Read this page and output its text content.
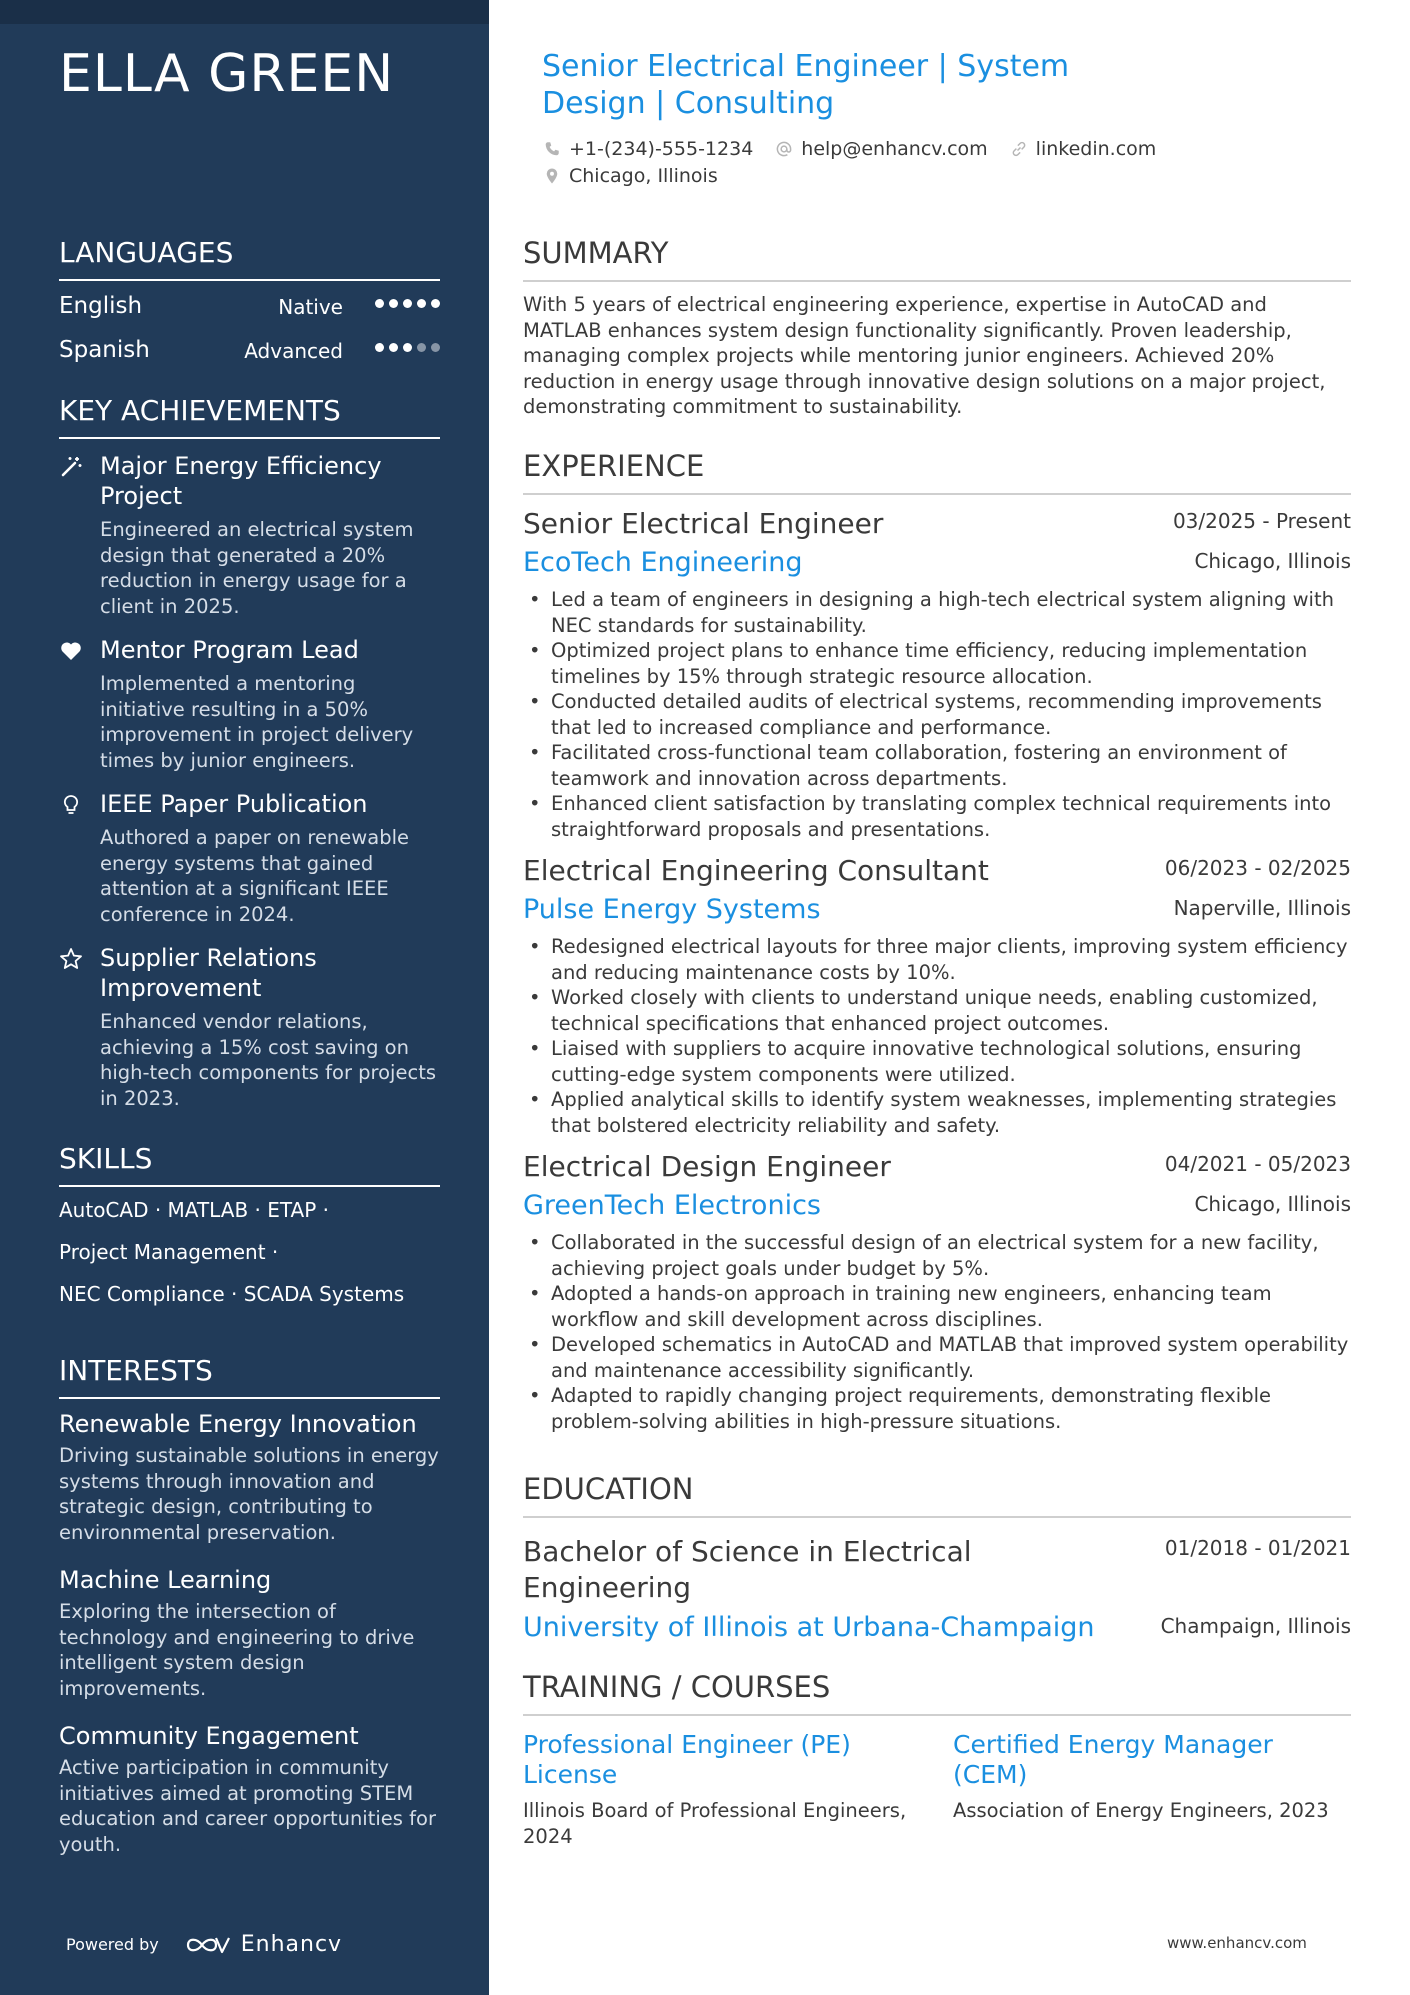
ELLA GREEN
LANGUAGES
English	Native
Spanish	Advanced
KEY ACHIEVEMENTS
Major Energy Efficiency Project
Engineered an electrical system design that generated a 20% reduction in energy usage for a client in 2025.
Mentor Program Lead
Implemented a mentoring initiative resulting in a 50% improvement in project delivery times by junior engineers.
IEEE Paper Publication
Authored a paper on renewable energy systems that gained attention at a significant IEEE conference in 2024.
Supplier Relations Improvement
Enhanced vendor relations, achieving a 15% cost saving on high-tech components for projects in 2023.
SKILLS
AutoCAD · MATLAB · ETAP ·
Project Management ·
NEC Compliance · SCADA Systems
INTERESTS
Renewable Energy Innovation
Driving sustainable solutions in energy systems through innovation and strategic design, contributing to environmental preservation.
Machine Learning
Exploring the intersection of technology and engineering to drive intelligent system design improvements.
Community Engagement
Active participation in community initiatives aimed at promoting STEM education and career opportunities for youth.
Powered by	Enhancv
Senior Electrical Engineer | System Design | Consulting
+1-(234)-555-1234	help@enhancv.com	linkedin.com
Chicago, Illinois
SUMMARY
With 5 years of electrical engineering experience, expertise in AutoCAD and MATLAB enhances system design functionality significantly. Proven leadership, managing complex projects while mentoring junior engineers. Achieved 20% reduction in energy usage through innovative design solutions on a major project, demonstrating commitment to sustainability.
EXPERIENCE
Senior Electrical Engineer	03/2025 - Present
EcoTech Engineering	Chicago, Illinois
• Led a team of engineers in designing a high-tech electrical system aligning with NEC standards for sustainability.
• Optimized project plans to enhance time efficiency, reducing implementation timelines by 15% through strategic resource allocation.
• Conducted detailed audits of electrical systems, recommending improvements that led to increased compliance and performance.
• Facilitated cross-functional team collaboration, fostering an environment of teamwork and innovation across departments.
• Enhanced client satisfaction by translating complex technical requirements into straightforward proposals and presentations.
Electrical Engineering Consultant	06/2023 - 02/2025
Pulse Energy Systems	Naperville, Illinois
• Redesigned electrical layouts for three major clients, improving system efficiency and reducing maintenance costs by 10%.
• Worked closely with clients to understand unique needs, enabling customized, technical specifications that enhanced project outcomes.
• Liaised with suppliers to acquire innovative technological solutions, ensuring cutting-edge system components were utilized.
• Applied analytical skills to identify system weaknesses, implementing strategies that bolstered electricity reliability and safety.
Electrical Design Engineer	04/2021 - 05/2023
GreenTech Electronics	Chicago, Illinois
• Collaborated in the successful design of an electrical system for a new facility, achieving project goals under budget by 5%.
• Adopted a hands-on approach in training new engineers, enhancing team workflow and skill development across disciplines.
• Developed schematics in AutoCAD and MATLAB that improved system operability and maintenance accessibility significantly.
• Adapted to rapidly changing project requirements, demonstrating flexible problem-solving abilities in high-pressure situations.
EDUCATION
Bachelor of Science in Electrical Engineering
01/2018 - 01/2021
University of Illinois at Urbana-Champaign	Champaign, Illinois
TRAINING / COURSES
Professional Engineer (PE) License
Illinois Board of Professional Engineers, 2024
Certified Energy Manager (CEM)
Association of Energy Engineers, 2023
www.enhancv.com
